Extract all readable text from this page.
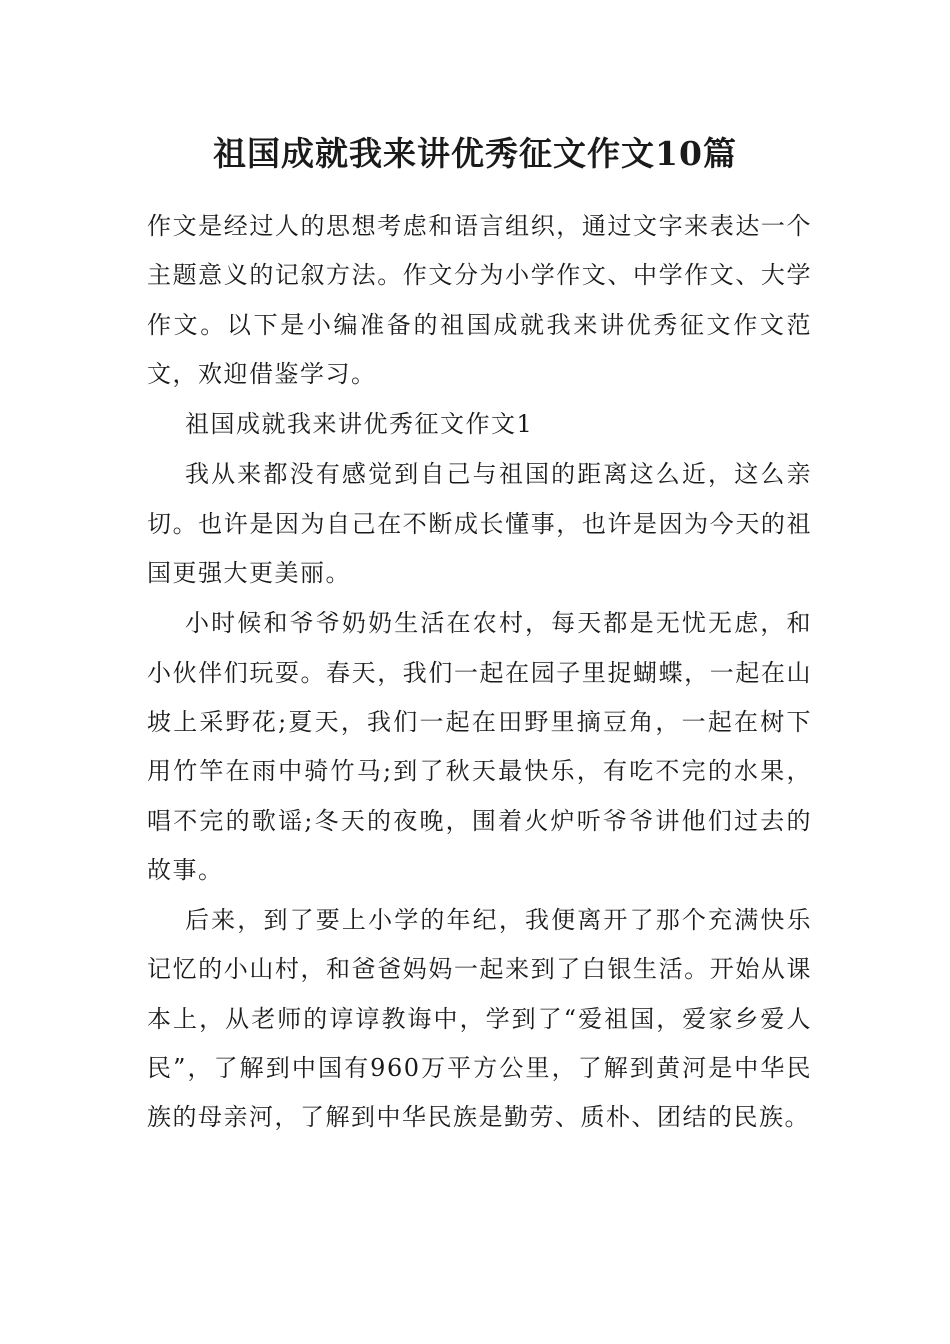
祖国成就我来讲优秀征文作文10篇

作文是经过人的思想考虑和语言组织，通过文字来表达一个主题意义的记叙方法。作文分为小学作文、中学作文、大学作文。以下是小编准备的祖国成就我来讲优秀征文作文范文，欢迎借鉴学习。

祖国成就我来讲优秀征文作文1

我从来都没有感觉到自己与祖国的距离这么近，这么亲切。也许是因为自己在不断成长懂事，也许是因为今天的祖国更强大更美丽。

小时候和爷爷奶奶生活在农村，每天都是无忧无虑，和小伙伴们玩耍。春天，我们一起在园子里捉蝴蝶，一起在山坡上采野花;夏天，我们一起在田野里摘豆角，一起在树下用竹竿在雨中骑竹马;到了秋天最快乐，有吃不完的水果，唱不完的歌谣;冬天的夜晚，围着火炉听爷爷讲他们过去的故事。

后来，到了要上小学的年纪，我便离开了那个充满快乐记忆的小山村，和爸爸妈妈一起来到了白银生活。开始从课本上，从老师的谆谆教诲中，学到了“爱祖国，爱家乡爱人民”，了解到中国有960万平方公里，了解到黄河是中华民族的母亲河，了解到中华民族是勤劳、质朴、团结的民族。
